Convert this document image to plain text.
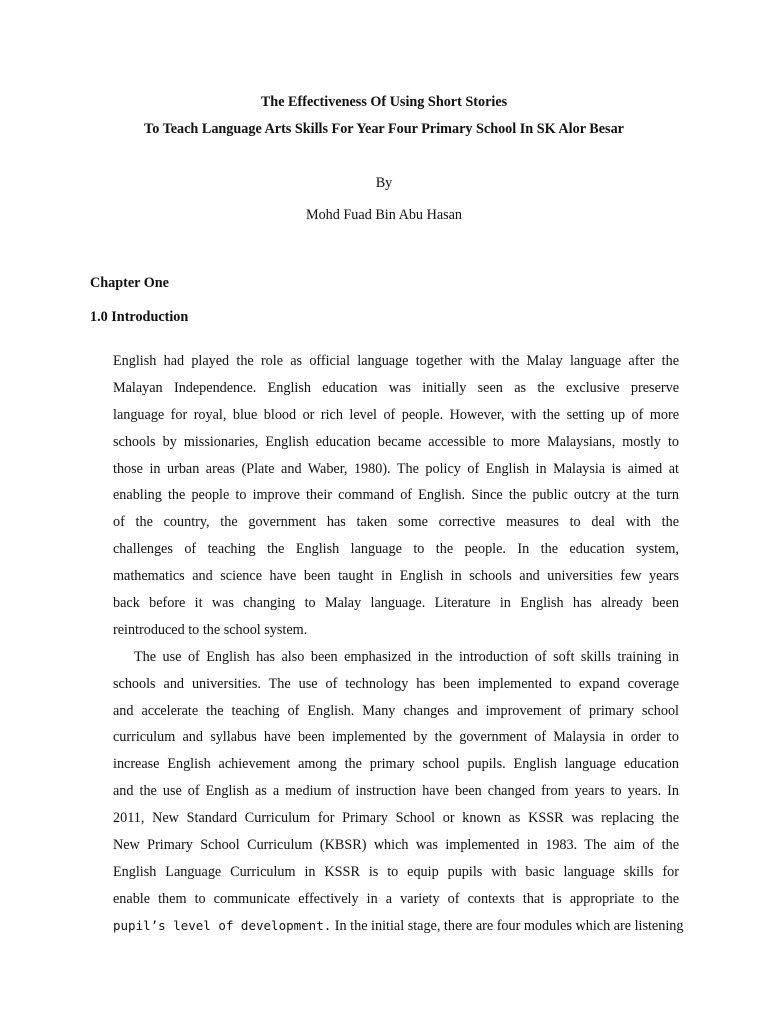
The Effectiveness Of Using Short Stories
To Teach Language Arts Skills For Year Four Primary School In SK Alor Besar
By
Mohd Fuad Bin Abu Hasan
Chapter One
1.0 Introduction
English had played the role as official language together with the Malay language after the
Malayan Independence. English education was initially seen as the exclusive preserve
language for royal, blue blood or rich level of people. However, with the setting up of more
schools by missionaries, English education became accessible to more Malaysians, mostly to
those in urban areas (Plate and Waber, 1980). The policy of English in Malaysia is aimed at
enabling the people to improve their command of English. Since the public outcry at the turn
of the country, the government has taken some corrective measures to deal with the
challenges of teaching the English language to the people. In the education system,
mathematics and science have been taught in English in schools and universities few years
back before it was changing to Malay language. Literature in English has already been
reintroduced to the school system.
The use of English has also been emphasized in the introduction of soft skills training in
schools and universities. The use of technology has been implemented to expand coverage
and accelerate the teaching of English. Many changes and improvement of primary school
curriculum and syllabus have been implemented by the government of Malaysia in order to
increase English achievement among the primary school pupils. English language education
and the use of English as a medium of instruction have been changed from years to years. In
2011, New Standard Curriculum for Primary School or known as KSSR was replacing the
New Primary School Curriculum (KBSR) which was implemented in 1983. The aim of the
English Language Curriculum in KSSR is to equip pupils with basic language skills for
enable them to communicate effectively in a variety of contexts that is appropriate to the
pupil’s level of development. In the initial stage, there are four modules which are listening
